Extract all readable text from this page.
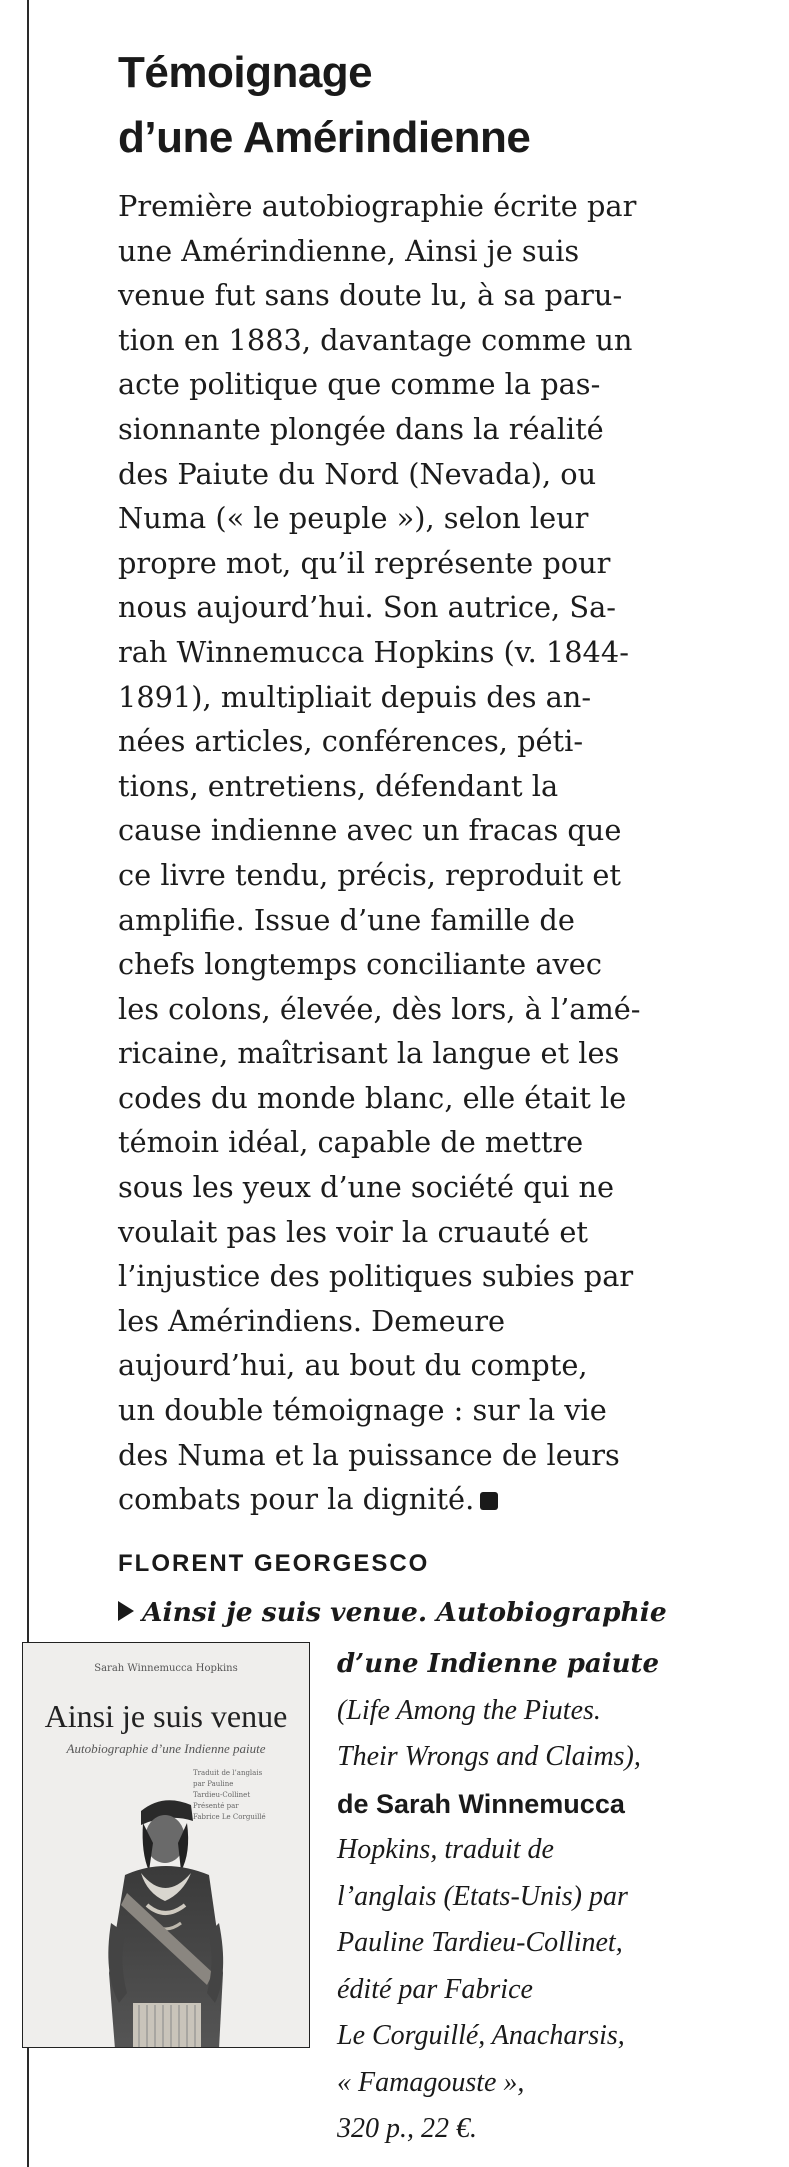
Témoignage
d’une Amérindienne

Première autobiographie écrite par
une Amérindienne, Ainsi je suis
venue fut sans doute lu, à sa paru-
tion en 1883, davantage comme un
acte politique que comme la pas-
sionnante plongée dans la réalité
des Paiute du Nord (Nevada), ou
Numa (« le peuple »), selon leur
propre mot, qu’il représente pour
nous aujourd’hui. Son autrice, Sa-
rah Winnemucca Hopkins (v. 1844-
1891), multipliait depuis des an-
nées articles, conférences, péti-
tions, entretiens, défendant la
cause indienne avec un fracas que
ce livre tendu, précis, reproduit et
amplifie. Issue d’une famille de
chefs longtemps conciliante avec
les colons, élevée, dès lors, à l’amé-
ricaine, maîtrisant la langue et les
codes du monde blanc, elle était le
témoin idéal, capable de mettre
sous les yeux d’une société qui ne
voulait pas les voir la cruauté et
l’injustice des politiques subies par
les Amérindiens. Demeure
aujourd’hui, au bout du compte,
un double témoignage : sur la vie
des Numa et la puissance de leurs
combats pour la dignité.

FLORENT GEORGESCO
Ainsi je suis venue. Autobiographie
d’une Indienne paiute
(Life Among the Piutes.
Their Wrongs and Claims),
de Sarah Winnemucca
Hopkins, traduit de
l’anglais (Etats-Unis) par
Pauline Tardieu-Collinet,
édité par Fabrice
Le Corguillé, Anacharsis,
« Famagouste »,
320 p., 22 €.
Sarah Winnemucca Hopkins
Ainsi je suis venue
Autobiographie d’une Indienne paiute
Traduit de l’anglais
par Pauline
Tardieu-Collinet
Présenté par
Fabrice Le Corguillé
